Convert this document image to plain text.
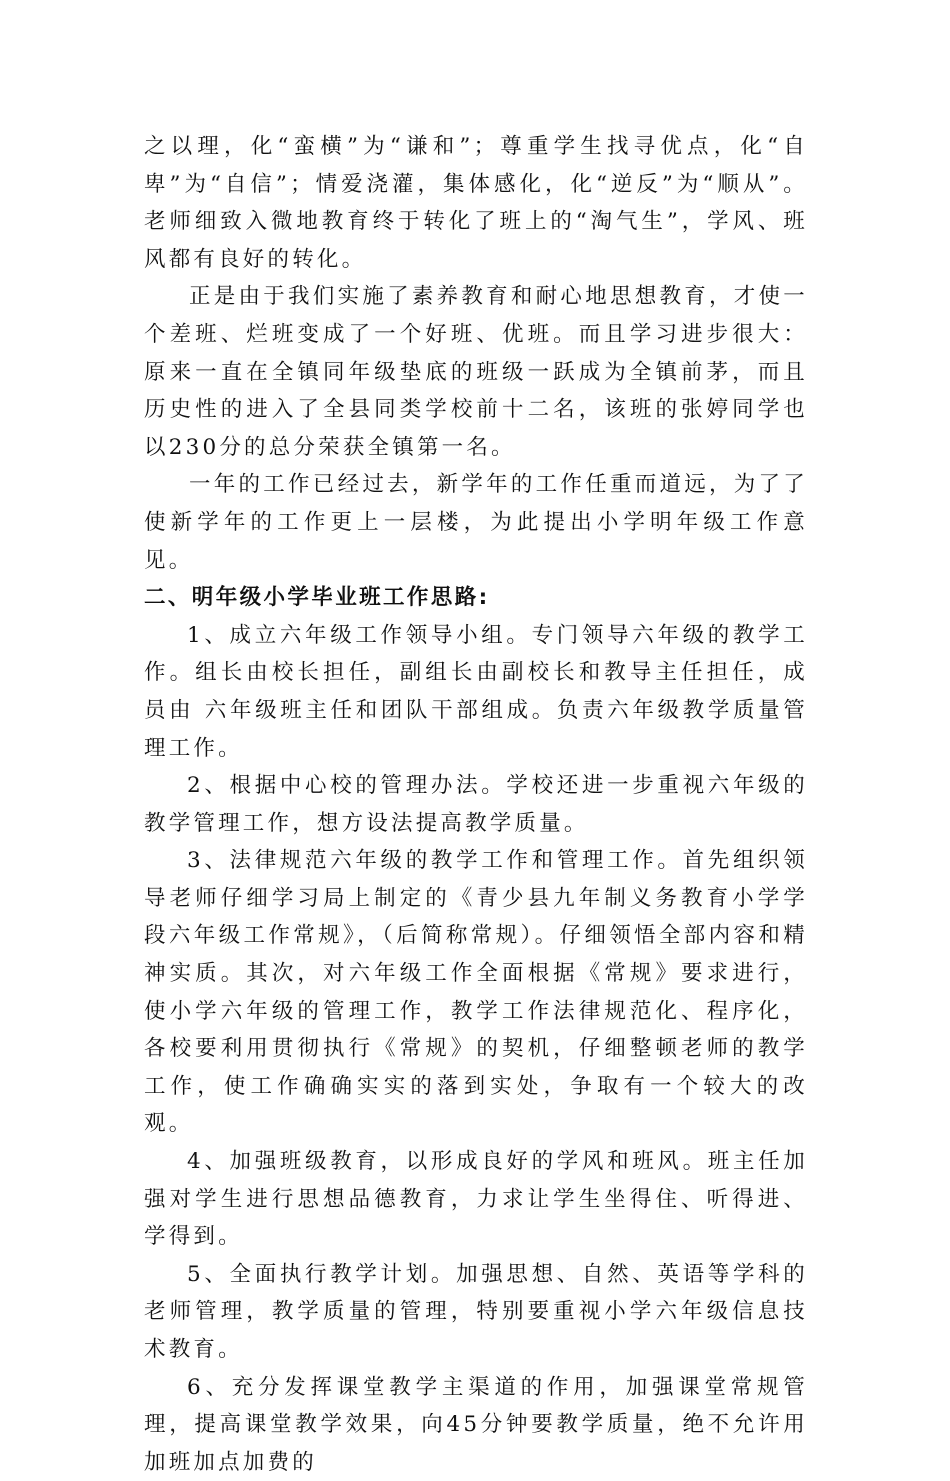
之以理，化“蛮横”为“谦和”；尊重学生找寻优点，化“自卑”为“自信”；情爱浇灌，集体感化，化“逆反”为“顺从”。老师细致入微地教育终于转化了班上的“淘气生”，学风、班风都有良好的转化。

正是由于我们实施了素养教育和耐心地思想教育，才使一个差班、烂班变成了一个好班、优班。而且学习进步很大：原来一直在全镇同年级垫底的班级一跃成为全镇前茅，而且历史性的进入了全县同类学校前十二名，该班的张婷同学也以230分的总分荣获全镇第一名。

一年的工作已经过去，新学年的工作任重而道远，为了了使新学年的工作更上一层楼，为此提出小学明年级工作意见。

二、明年级小学毕业班工作思路:

1、成立六年级工作领导小组。专门领导六年级的教学工作。组长由校长担任，副组长由副校长和教导主任担任，成员由 六年级班主任和团队干部组成。负责六年级教学质量管理工作。

2、根据中心校的管理办法。学校还进一步重视六年级的教学管理工作，想方设法提高教学质量。

3、法律规范六年级的教学工作和管理工作。首先组织领导老师仔细学习局上制定的《青少县九年制义务教育小学学段六年级工作常规》，（后简称常规）。仔细领悟全部内容和精神实质。其次，对六年级工作全面根据《常规》要求进行，使小学六年级的管理工作，教学工作法律规范化、程序化，各校要利用贯彻执行《常规》的契机，仔细整顿老师的教学工作，使工作确确实实的落到实处，争取有一个较大的改观。

4、加强班级教育，以形成良好的学风和班风。班主任加强对学生进行思想品德教育，力求让学生坐得住、听得进、学得到。

5、全面执行教学计划。加强思想、自然、英语等学科的老师管理，教学质量的管理，特别要重视小学六年级信息技术教育。

6、充分发挥课堂教学主渠道的作用，加强课堂常规管理，提高课堂教学效果，向45分钟要教学质量，绝不允许用加班加点加费的
